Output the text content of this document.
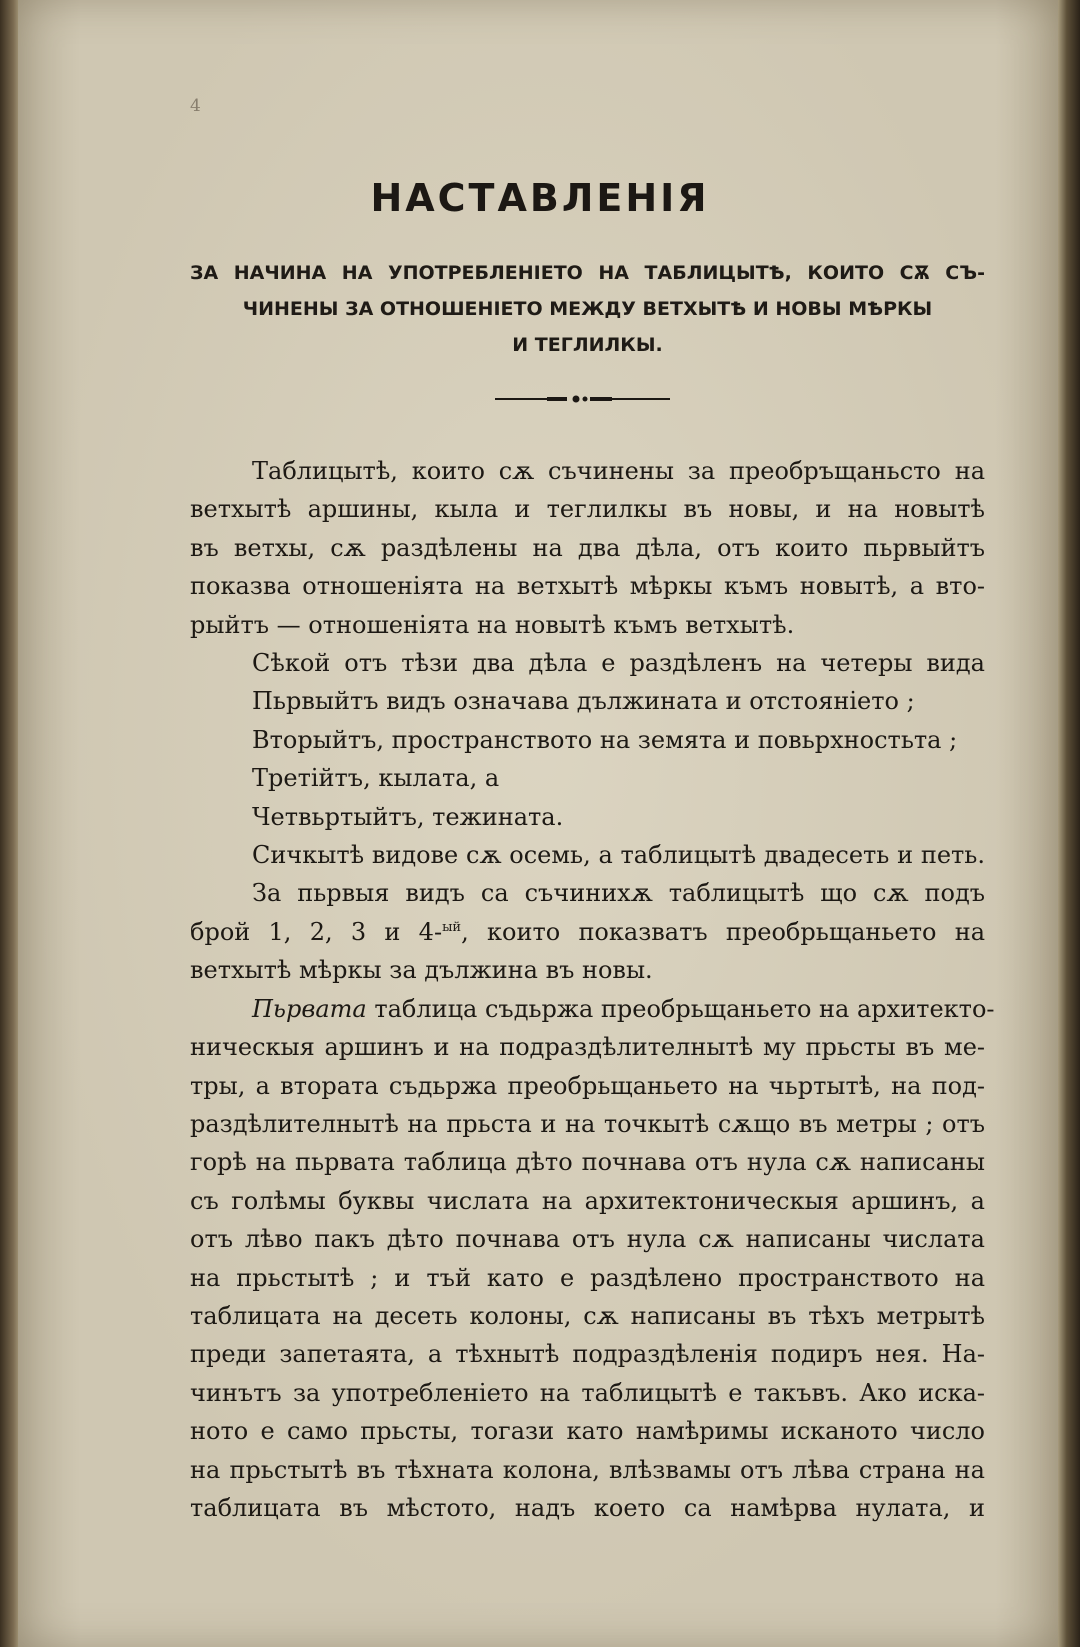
4
НАСТАВЛЕНІЯ
ЗА НАЧИНА НА УПОТРЕБЛЕНІЕТО НА ТАБЛИЦЫТѢ, КОИТО СѪ СЪ-
ЧИНЕНЫ ЗА ОТНОШЕНІЕТО МЕЖДУ ВЕТХЫТѢ И НОВЫ МѢРКЫ
И ТЕГЛИЛКЫ.
Таблицытѣ, които сѫ съчинены за преобръщаньсто на
ветхытѣ аршины, кыла и теглилкы въ новы, и на новытѣ
въ ветхы, сѫ раздѣлены на два дѣла, отъ които пьрвыйтъ
показва отношеніята на ветхытѣ мѣркы къмъ новытѣ, а вто-
рыйтъ — отношеніята на новытѣ къмъ ветхытѣ.
Сѣкой отъ тѣзи два дѣла е раздѣленъ на четеры вида
Пьрвыйтъ видъ означава дължината и отстояніето ;
Вторыйтъ, пространството на земята и повьрхностьта ;
Третійтъ, кылата, а
Четвьртыйтъ, тежината.
Сичкытѣ видове сѫ осемь, а таблицытѣ двадесеть и петь.
За пьрвыя видъ са съчинихѫ таблицытѣ що сѫ подъ
брой 1, 2, 3 и 4-$^{ый}$, които показватъ преобрьщаньето на
ветхытѣ мѣркы за дължина въ новы.
Пьрвата таблица съдьржа преобрьщаньето на архитекто-
ническыя аршинъ и на подраздѣлителнытѣ му прьсты въ ме-
тры, а втората съдьржа преобрьщаньето на чьртытѣ, на под-
раздѣлителнытѣ на прьста и на точкытѣ сѫщо въ метры ; отъ
горѣ на пьрвата таблица дѣто почнава отъ нула сѫ написаны
съ голѣмы буквы числата на архитектоническыя аршинъ, а
отъ лѣво пакъ дѣто почнава отъ нула сѫ написаны числата
на прьстытѣ ; и тъй като е раздѣлено пространството на
таблицата на десеть колоны, сѫ написаны въ тѣхъ метрытѣ
преди запетаята, а тѣхнытѣ подраздѣленія подиръ нея. На-
чинътъ за употребленіето на таблицытѣ е такъвъ. Ако иска-
ното е само прьсты, тогази като намѣримы исканото число
на прьстытѣ въ тѣхната колона, влѣзвамы отъ лѣва страна на
таблицата въ мѣстото, надъ което са намѣрва нулата, и
